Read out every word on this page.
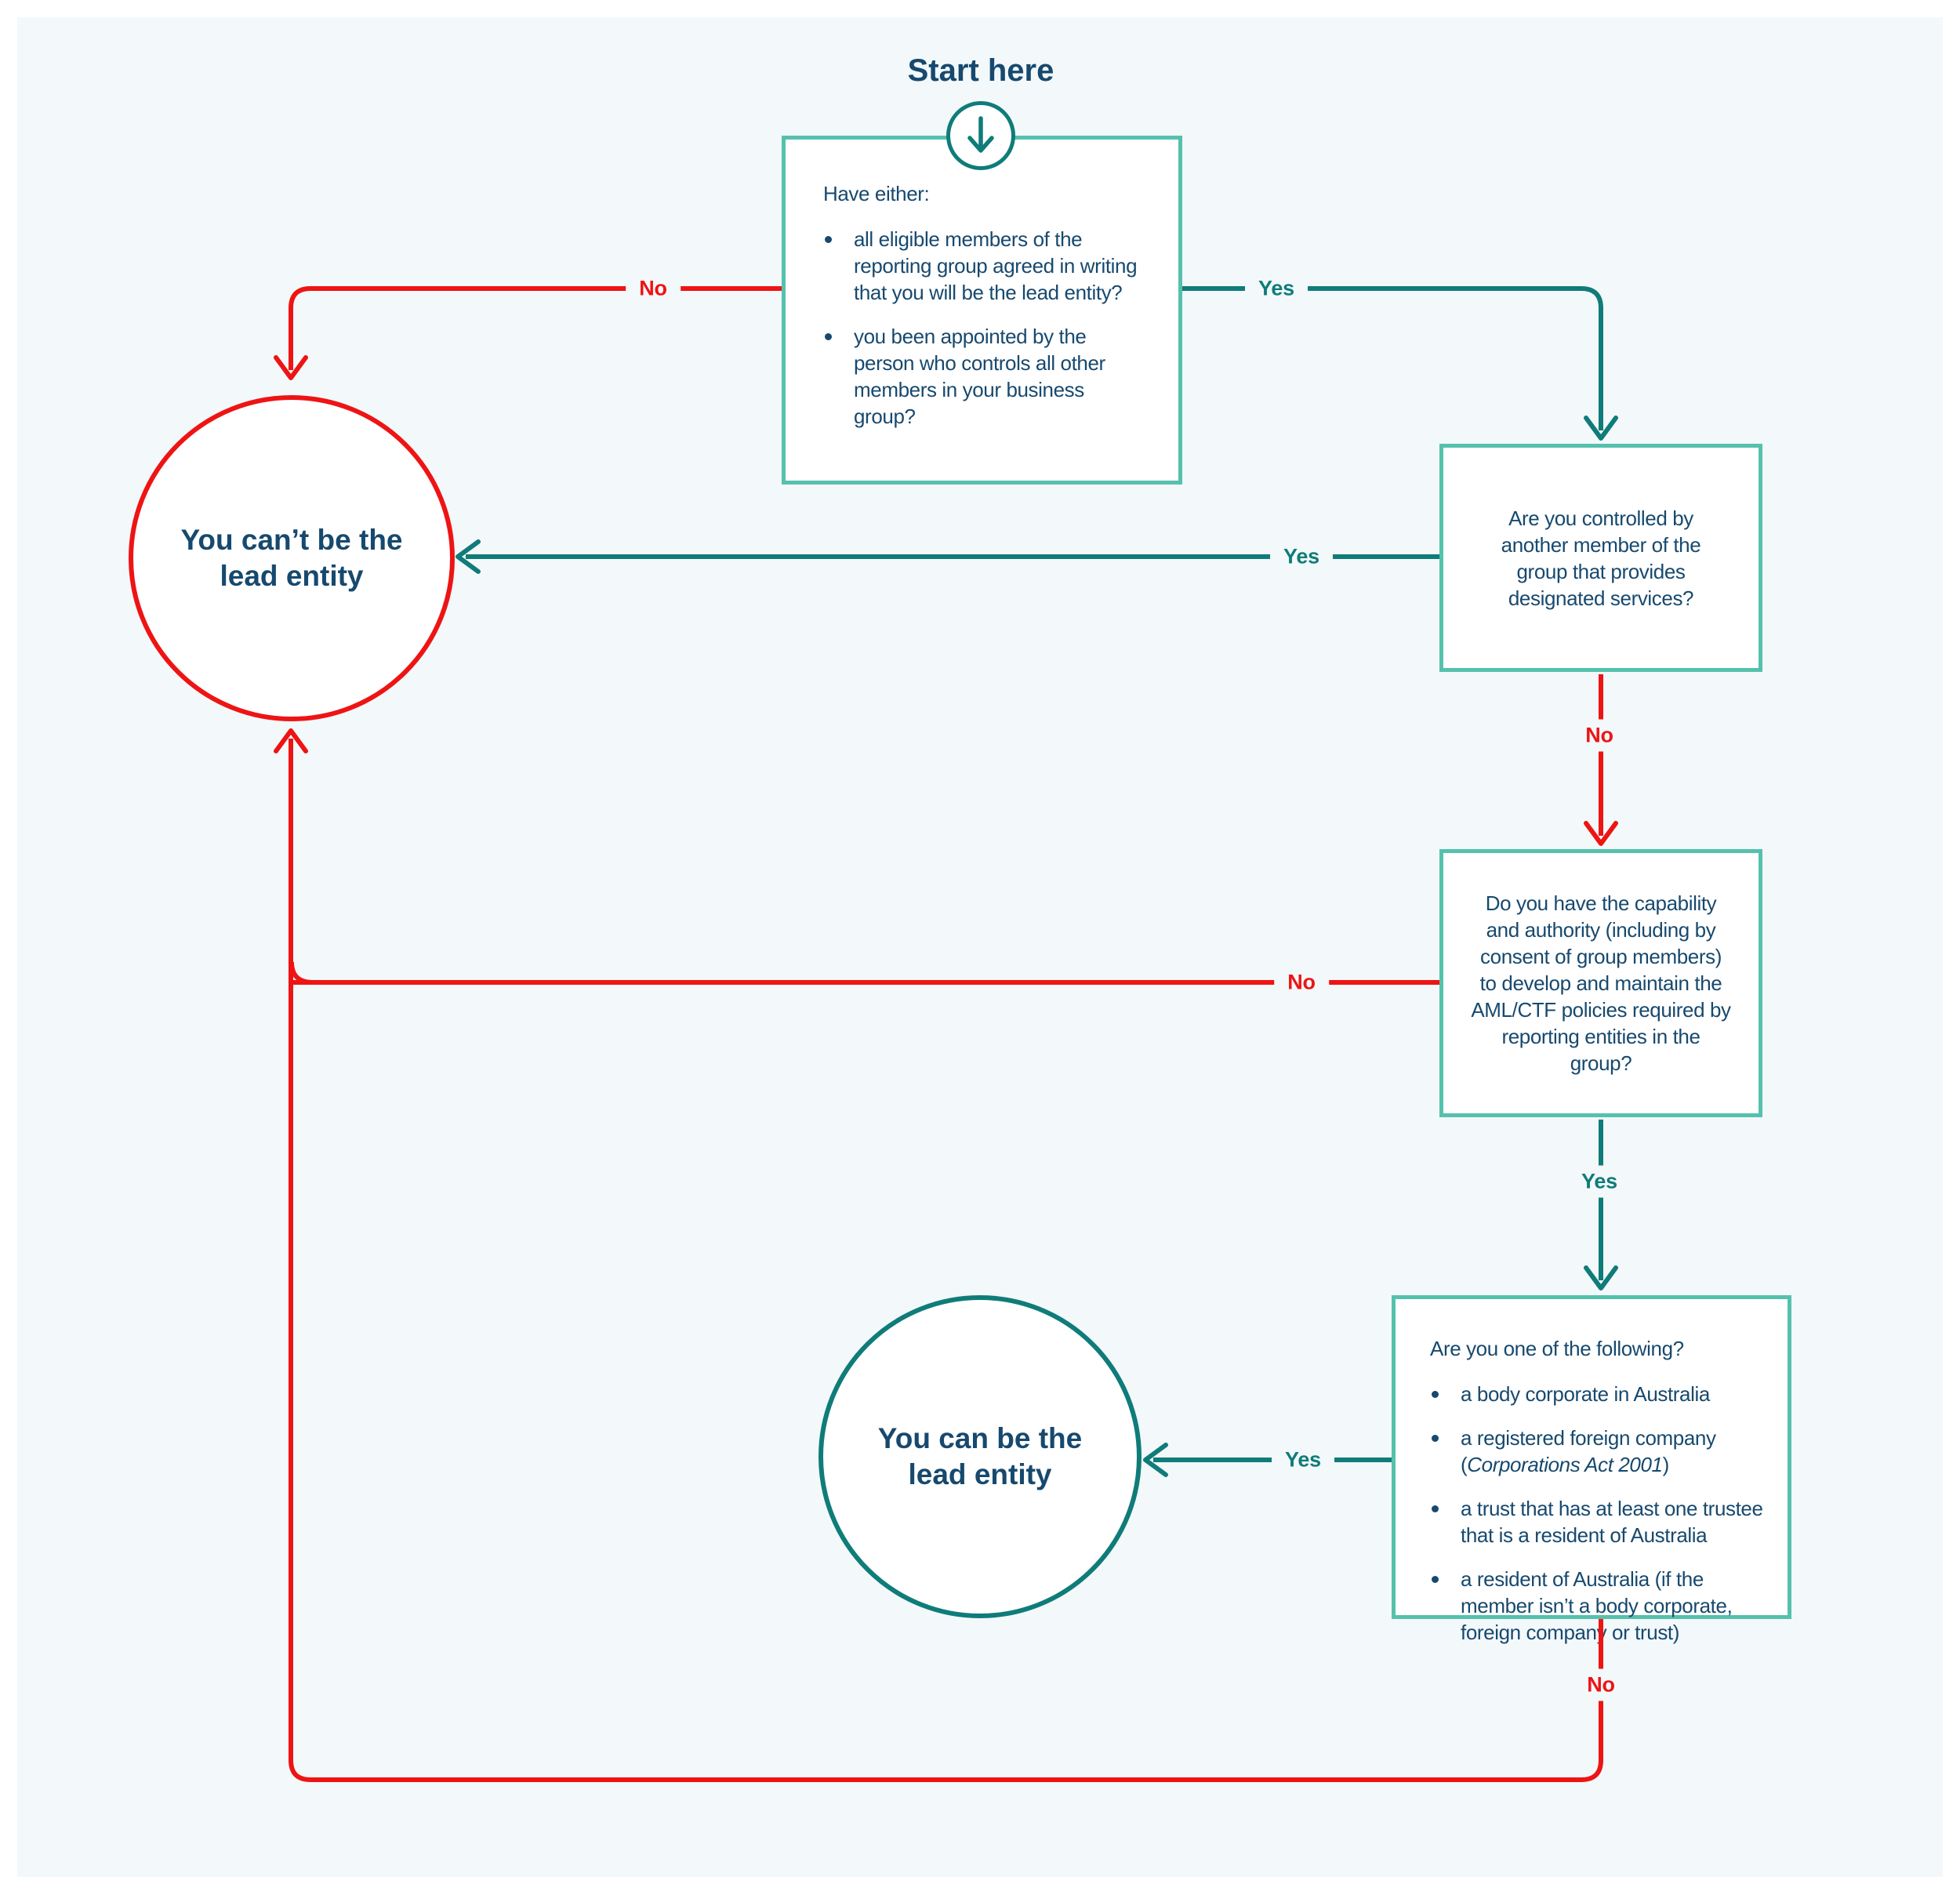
Start here

Have either:

all eligible members of the reporting group agreed in writing that you will be the lead entity?
you been appointed by the person who controls all other members in your business group?

Are you controlled by another member of the group that provides designated services?

Do you have the capability and authority (including by consent of group members) to develop and maintain the AML/CTF policies required by reporting entities in the group?

Are you one of the following?

a body corporate in Australia
a registered foreign company (Corporations Act 2001)
a trust that has at least one trustee that is a resident of Australia
a resident of Australia (if the member isn’t a body corporate, foreign company or trust)

You can’t be the lead entity

You can be the lead entity

No	Yes
Yes
No
No
Yes
Yes
No
